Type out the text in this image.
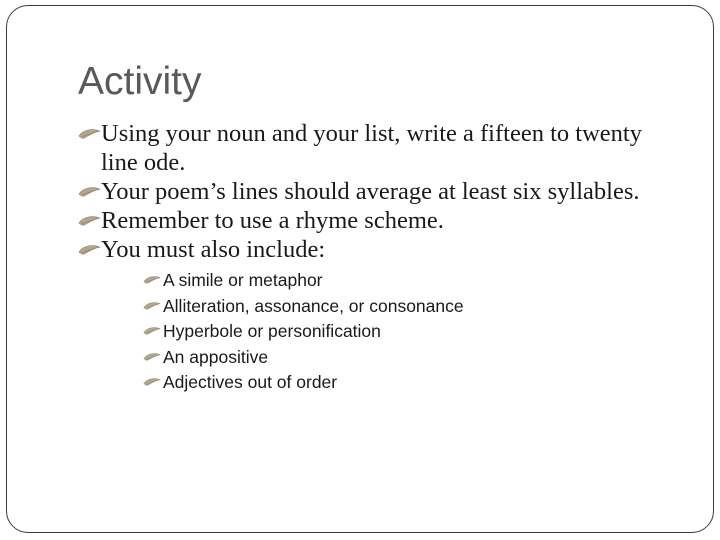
Activity
Using your noun and your list, write a fifteen to twenty line ode.
Your poem’s lines should average at least six syllables.
Remember to use a rhyme scheme.
You must also include:
A simile or metaphor
Alliteration, assonance, or consonance
Hyperbole or personification
An appositive
Adjectives out of order
